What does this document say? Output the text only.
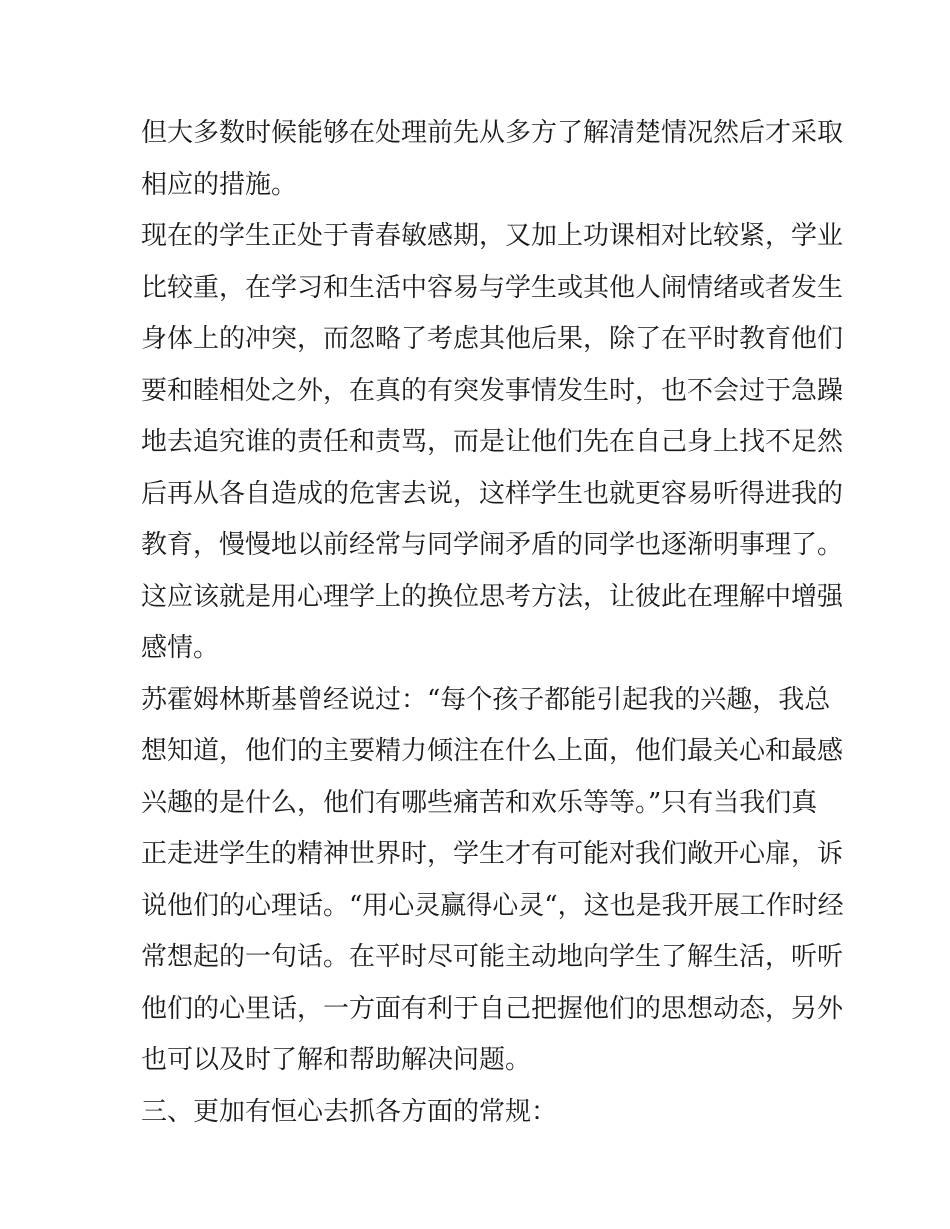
但大多数时候能够在处理前先从多方了解清楚情况然后才采取
相应的措施。
现在的学生正处于青春敏感期，又加上功课相对比较紧，学业
比较重，在学习和生活中容易与学生或其他人闹情绪或者发生
身体上的冲突，而忽略了考虑其他后果，除了在平时教育他们
要和睦相处之外，在真的有突发事情发生时，也不会过于急躁
地去追究谁的责任和责骂，而是让他们先在自己身上找不足然
后再从各自造成的危害去说，这样学生也就更容易听得进我的
教育，慢慢地以前经常与同学闹矛盾的同学也逐渐明事理了。
这应该就是用心理学上的换位思考方法，让彼此在理解中增强
感情。
苏霍姆林斯基曾经说过：“每个孩子都能引起我的兴趣，我总
想知道，他们的主要精力倾注在什么上面，他们最关心和最感
兴趣的是什么，他们有哪些痛苦和欢乐等等。”只有当我们真
正走进学生的精神世界时，学生才有可能对我们敞开心扉，诉
说他们的心理话。“用心灵赢得心灵“，这也是我开展工作时经
常想起的一句话。在平时尽可能主动地向学生了解生活，听听
他们的心里话，一方面有利于自己把握他们的思想动态，另外
也可以及时了解和帮助解决问题。
三、更加有恒心去抓各方面的常规：
